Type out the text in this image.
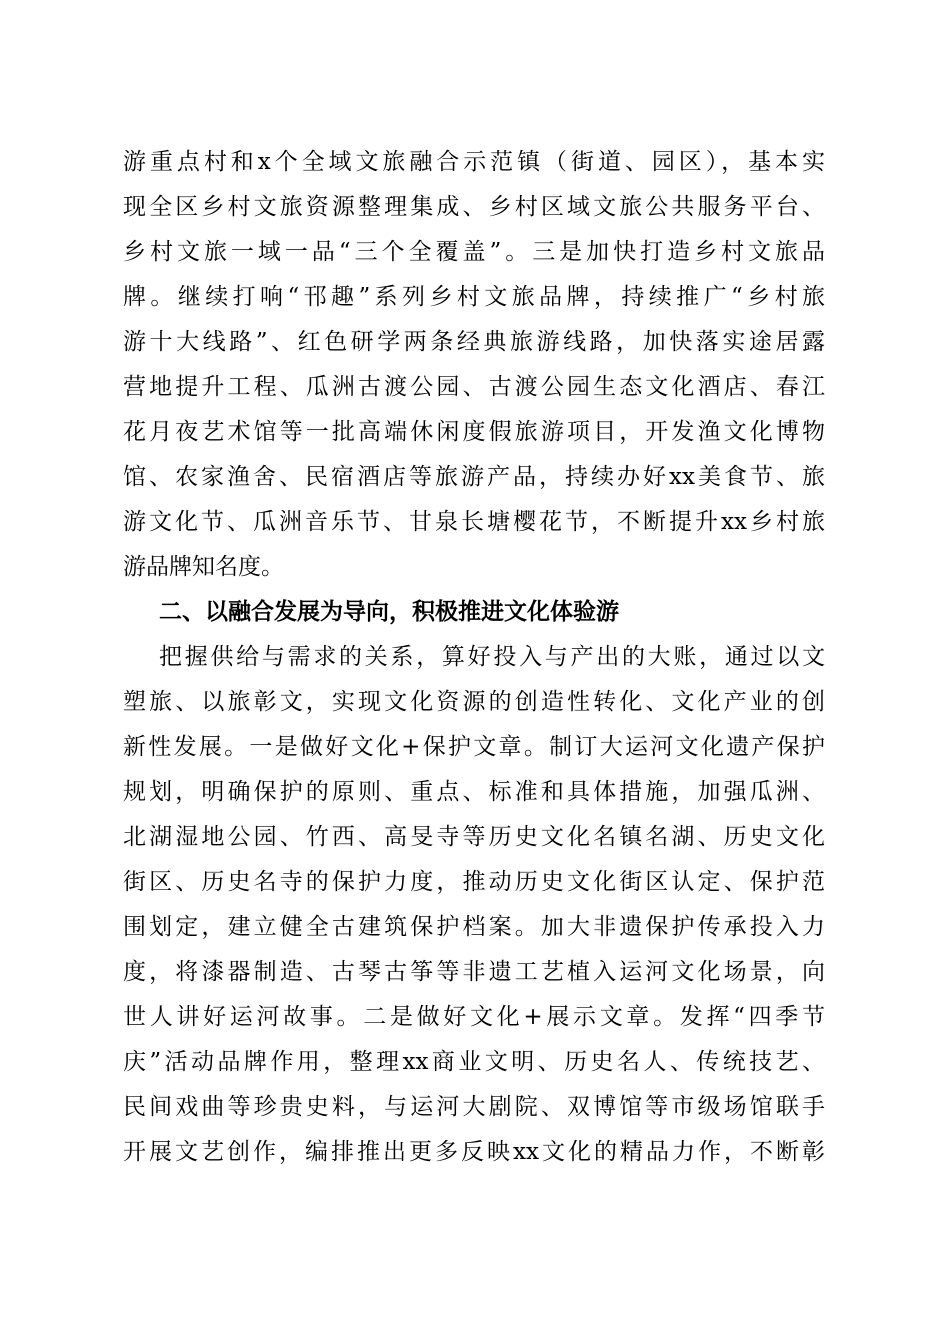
游重点村和x个全域文旅融合示范镇（街道、园区），基本实
现全区乡村文旅资源整理集成、乡村区域文旅公共服务平台、
乡村文旅一域一品“三个全覆盖”。三是加快打造乡村文旅品
牌。继续打响“邗趣”系列乡村文旅品牌，持续推广“乡村旅
游十大线路”、红色研学两条经典旅游线路，加快落实途居露
营地提升工程、瓜洲古渡公园、古渡公园生态文化酒店、春江
花月夜艺术馆等一批高端休闲度假旅游项目，开发渔文化博物
馆、农家渔舍、民宿酒店等旅游产品，持续办好xx美食节、旅
游文化节、瓜洲音乐节、甘泉长塘樱花节，不断提升xx乡村旅
游品牌知名度。
二、以融合发展为导向，积极推进文化体验游
把握供给与需求的关系，算好投入与产出的大账，通过以文
塑旅、以旅彰文，实现文化资源的创造性转化、文化产业的创
新性发展。一是做好文化+保护文章。制订大运河文化遗产保护
规划，明确保护的原则、重点、标准和具体措施，加强瓜洲、
北湖湿地公园、竹西、高旻寺等历史文化名镇名湖、历史文化
街区、历史名寺的保护力度，推动历史文化街区认定、保护范
围划定，建立健全古建筑保护档案。加大非遗保护传承投入力
度，将漆器制造、古琴古筝等非遗工艺植入运河文化场景，向
世人讲好运河故事。二是做好文化+展示文章。发挥“四季节
庆”活动品牌作用，整理xx商业文明、历史名人、传统技艺、
民间戏曲等珍贵史料，与运河大剧院、双博馆等市级场馆联手
开展文艺创作，编排推出更多反映xx文化的精品力作，不断彰
